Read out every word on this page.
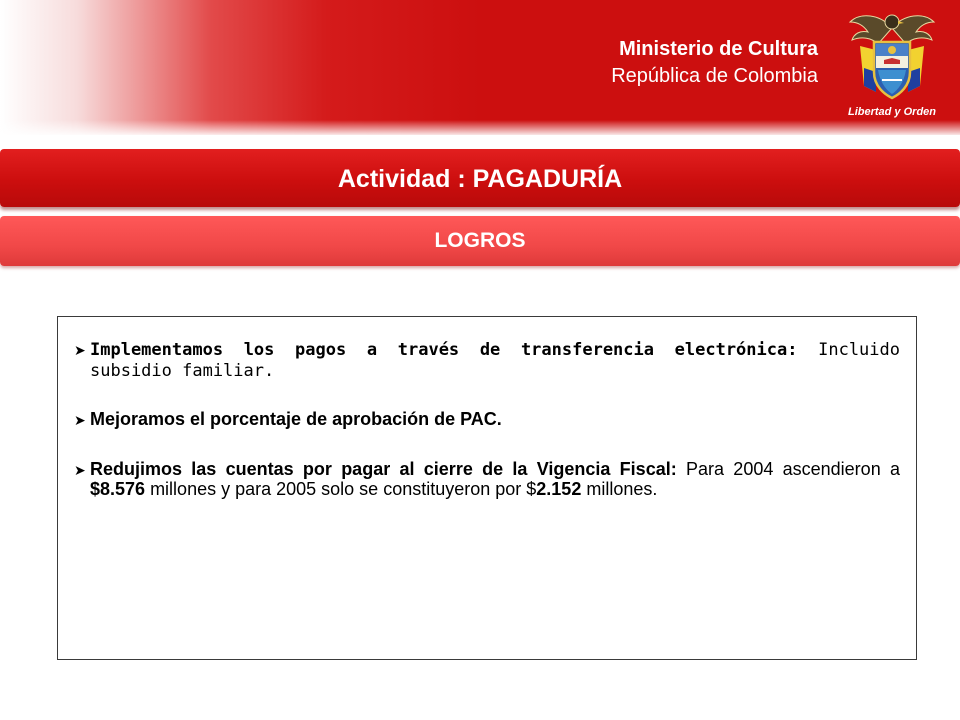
Ministerio de Cultura
República de Colombia
Libertad y Orden
Actividad : PAGADURÍA
LOGROS
➤ Implementamos los pagos a través de transferencia electrónica: Incluido subsidio familiar.
➤ Mejoramos el porcentaje de aprobación de PAC.
➤ Redujimos las cuentas por pagar al cierre de la Vigencia Fiscal: Para 2004 ascendieron a $8.576 millones y para 2005 solo se constituyeron por $2.152 millones.
